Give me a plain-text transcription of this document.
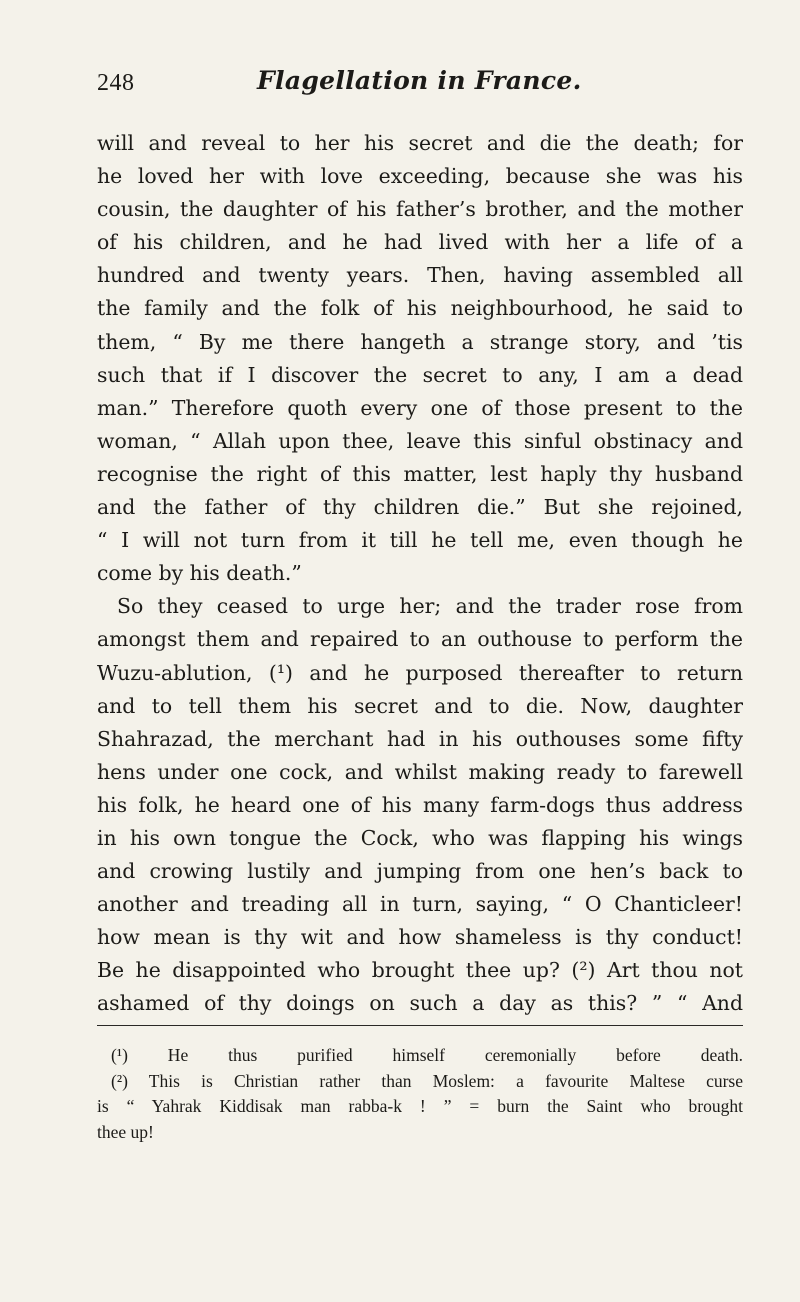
248	Flagellation in France.
will and reveal to her his secret and die the death; for
he loved her with love exceeding, because she was his
cousin, the daughter of his father’s brother, and the mother
of his children, and he had lived with her a life of a
hundred and twenty years. Then, having assembled all
the family and the folk of his neighbourhood, he said to
them, “ By me there hangeth a strange story, and ’tis
such that if I discover the secret to any, I am a dead
man.” Therefore quoth every one of those present to the
woman, “ Allah upon thee, leave this sinful obstinacy and
recognise the right of this matter, lest haply thy husband
and the father of thy children die.” But she rejoined,
“ I will not turn from it till he tell me, even though he
come by his death.”
So they ceased to urge her; and the trader rose from
amongst them and repaired to an outhouse to perform the
Wuzu-ablution, (¹) and he purposed thereafter to return
and to tell them his secret and to die. Now, daughter
Shahrazad, the merchant had in his outhouses some fifty
hens under one cock, and whilst making ready to farewell
his folk, he heard one of his many farm-dogs thus address
in his own tongue the Cock, who was flapping his wings
and crowing lustily and jumping from one hen’s back to
another and treading all in turn, saying, “ O Chanticleer!
how mean is thy wit and how shameless is thy conduct!
Be he disappointed who brought thee up? (²) Art thou not
ashamed of thy doings on such a day as this? ” “ And
(¹) He thus purified himself ceremonially before death.
(²) This is Christian rather than Moslem: a favourite Maltese curse
is “ Yahrak Kiddisak man rabba-k ! ” = burn the Saint who brought
thee up!
